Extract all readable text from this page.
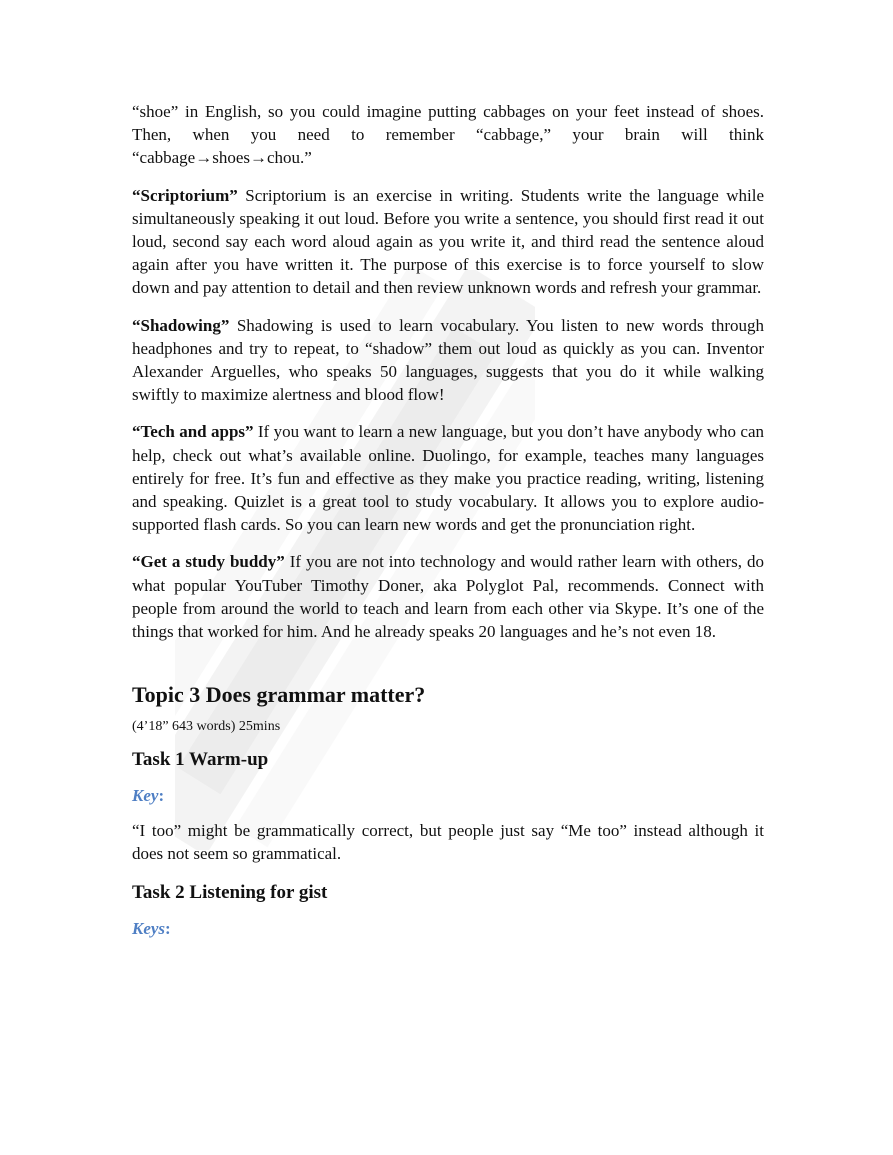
“shoe” in English, so you could imagine putting cabbages on your feet instead of shoes. Then, when you need to remember “cabbage,” your brain will think “cabbage→shoes→chou.”

“Scriptorium” Scriptorium is an exercise in writing. Students write the language while simultaneously speaking it out loud. Before you write a sentence, you should first read it out loud, second say each word aloud again as you write it, and third read the sentence aloud again after you have written it. The purpose of this exercise is to force yourself to slow down and pay attention to detail and then review unknown words and refresh your grammar.

“Shadowing” Shadowing is used to learn vocabulary. You listen to new words through headphones and try to repeat, to “shadow” them out loud as quickly as you can. Inventor Alexander Arguelles, who speaks 50 languages, suggests that you do it while walking swiftly to maximize alertness and blood flow!

“Tech and apps” If you want to learn a new language, but you don’t have anybody who can help, check out what’s available online. Duolingo, for example, teaches many languages entirely for free. It’s fun and effective as they make you practice reading, writing, listening and speaking. Quizlet is a great tool to study vocabulary. It allows you to explore audio-supported flash cards. So you can learn new words and get the pronunciation right.

“Get a study buddy” If you are not into technology and would rather learn with others, do what popular YouTuber Timothy Doner, aka Polyglot Pal, recommends. Connect with people from around the world to teach and learn from each other via Skype. It’s one of the things that worked for him. And he already speaks 20 languages and he’s not even 18.

Topic 3 Does grammar matter?
(4’18” 643 words) 25mins
Task 1 Warm-up
Key:

“I too” might be grammatically correct, but people just say “Me too” instead although it does not seem so grammatical.

Task 2 Listening for gist
Keys:
